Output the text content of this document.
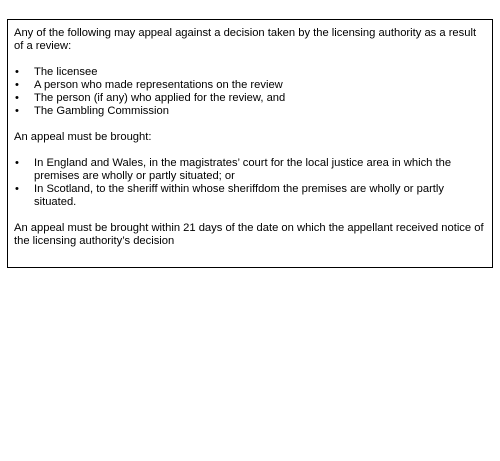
Any of the following may appeal against a decision taken by the licensing authority as a result of a review:

• The licensee
• A person who made representations on the review
• The person (if any) who applied for the review, and
• The Gambling Commission

An appeal must be brought:

• In England and Wales, in the magistrates’ court for the local justice area in which the premises are wholly or partly situated; or
• In Scotland, to the sheriff within whose sheriffdom the premises are wholly or partly situated.

An appeal must be brought within 21 days of the date on which the appellant received notice of the licensing authority’s decision
